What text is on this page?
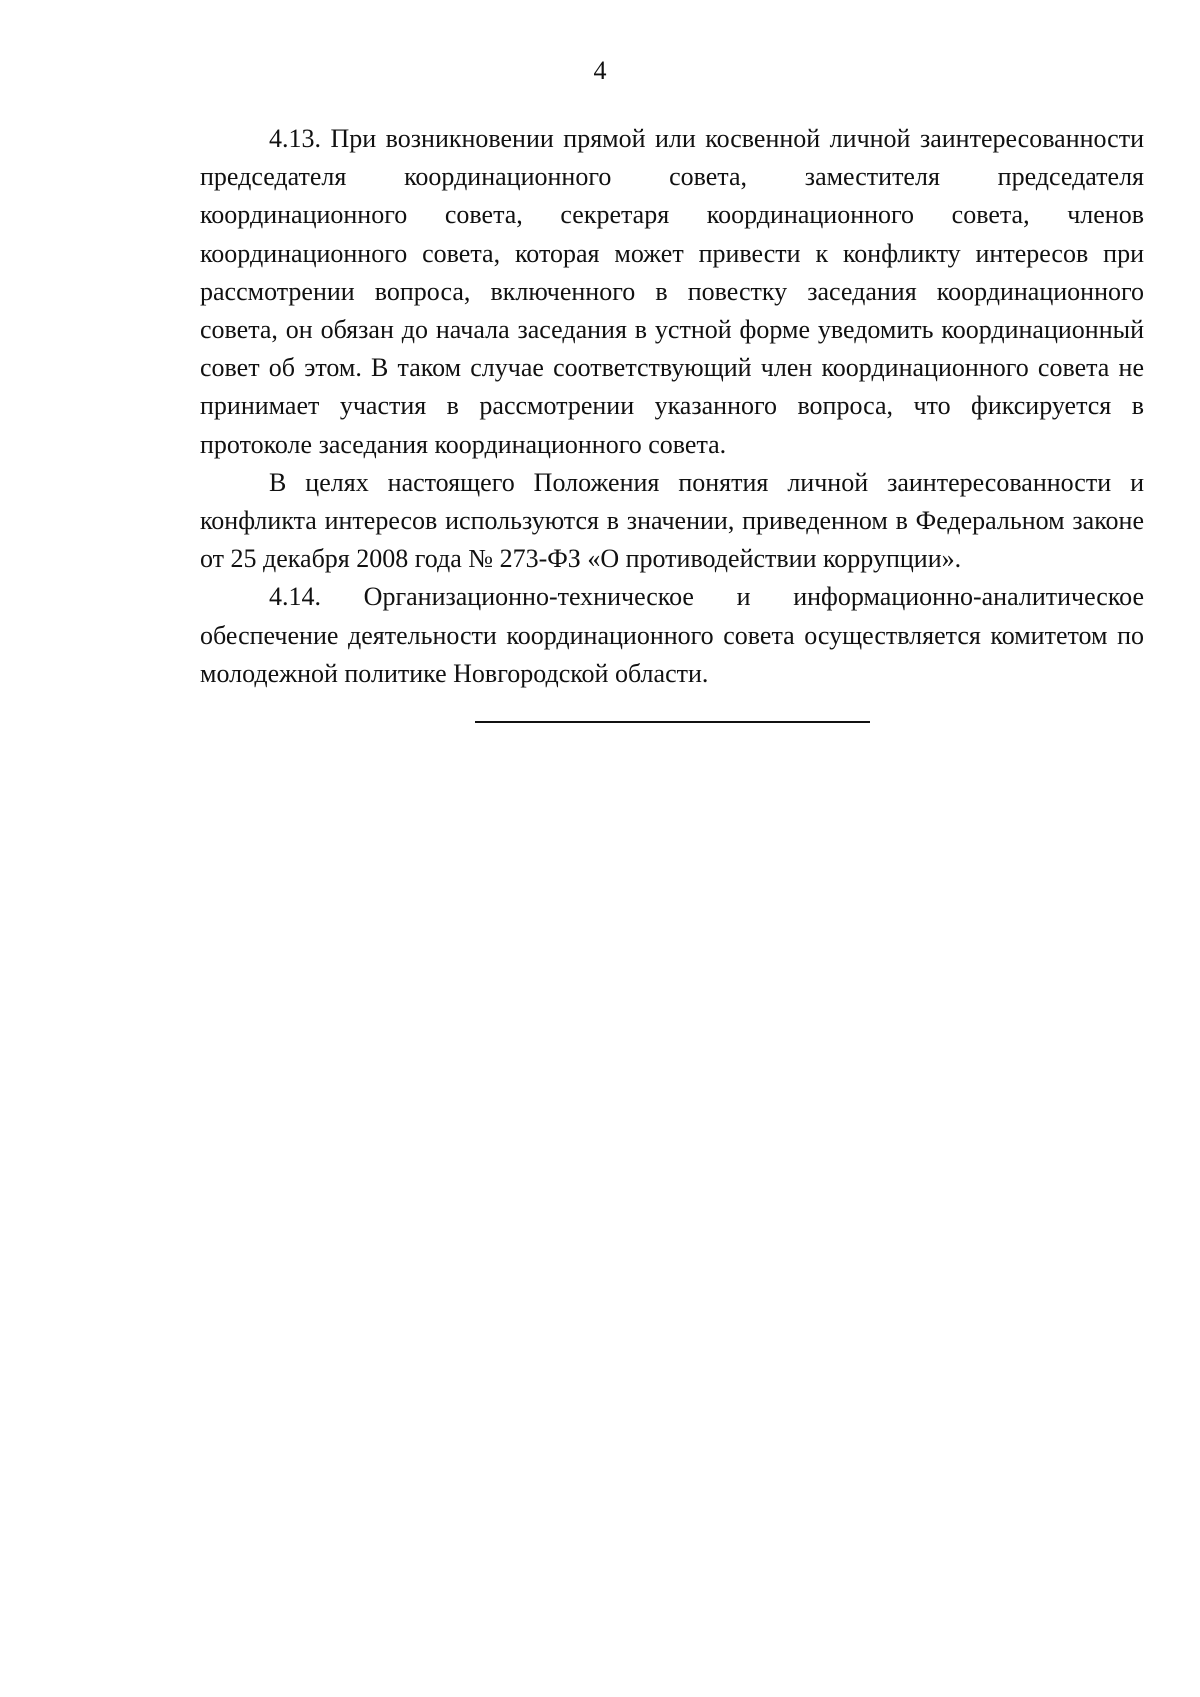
4

4.13. При возникновении прямой или косвенной личной заинтересованности председателя координационного совета, заместителя председателя координационного совета, секретаря координационного совета, членов координационного совета, которая может привести к конфликту интересов при рассмотрении вопроса, включенного в повестку заседания координационного совета, он обязан до начала заседания в устной форме уведомить координационный совет об этом. В таком случае соответствующий член координационного совета не принимает участия в рассмотрении указанного вопроса, что фиксируется в протоколе заседания координационного совета.

В целях настоящего Положения понятия личной заинтересованности и конфликта интересов используются в значении, приведенном в Федеральном законе от 25 декабря 2008 года № 273-ФЗ «О противодействии коррупции».

4.14. Организационно-техническое и информационно-аналитическое обеспечение деятельности координационного совета осуществляется комитетом по молодежной политике Новгородской области.
